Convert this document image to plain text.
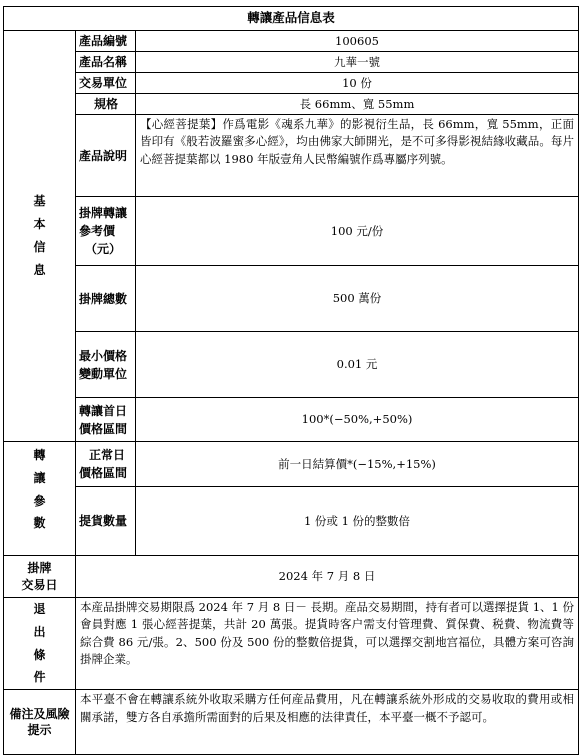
轉讓產品信息表		

基
本
信
息	產品編號	100605
	產品名稱	九華一號
	交易單位	10 份
	規格	長 66mm、寬 55mm
	產品說明	【心經菩提葉】作爲電影《魂系九華》的影視衍生品，長 66mm，寬 55mm，正面皆印有《般若波羅蜜多心經》，均由佛家大師開光，是不可多得影視結緣收藏品。每片心經菩提葉都以 1980 年版壹角人民幣編號作爲專屬序列號。

	掛牌轉讓
參考價
（元）	100 元/份
	掛牌總數	500 萬份

	最小價格
變動單位	0.01 元

	轉讓首日
價格區間	100*(−50%,+50%)

轉
讓
參
數	正常日
價格區間	前一日結算價*(−15%,+15%)
	提貨數量	1 份或 1 份的整數倍

掛牌
交易日	2024 年 7 月 8 日	

退
出
條
件	本産品掛牌交易期限爲 2024 年 7 月 8 日－ 長期。産品交易期間，持有者可以選擇提貨 1、1 份會員對應 1 張心經菩提葉，共計 20 萬張。提貨時客户需支付管理費、質保費、税費、物流費等綜合費 86 元/張。2、500 份及 500 份的整數倍提貨，可以選擇交割地宫福位，具體方案可咨詢掛牌企業。	

備注及風險
提示	本平臺不會在轉讓系統外收取采購方任何産品費用，凡在轉讓系統外形成的交易收取的費用或相關承諾，雙方各自承擔所需面對的后果及相應的法律責任，本平臺一概不予認可。	
